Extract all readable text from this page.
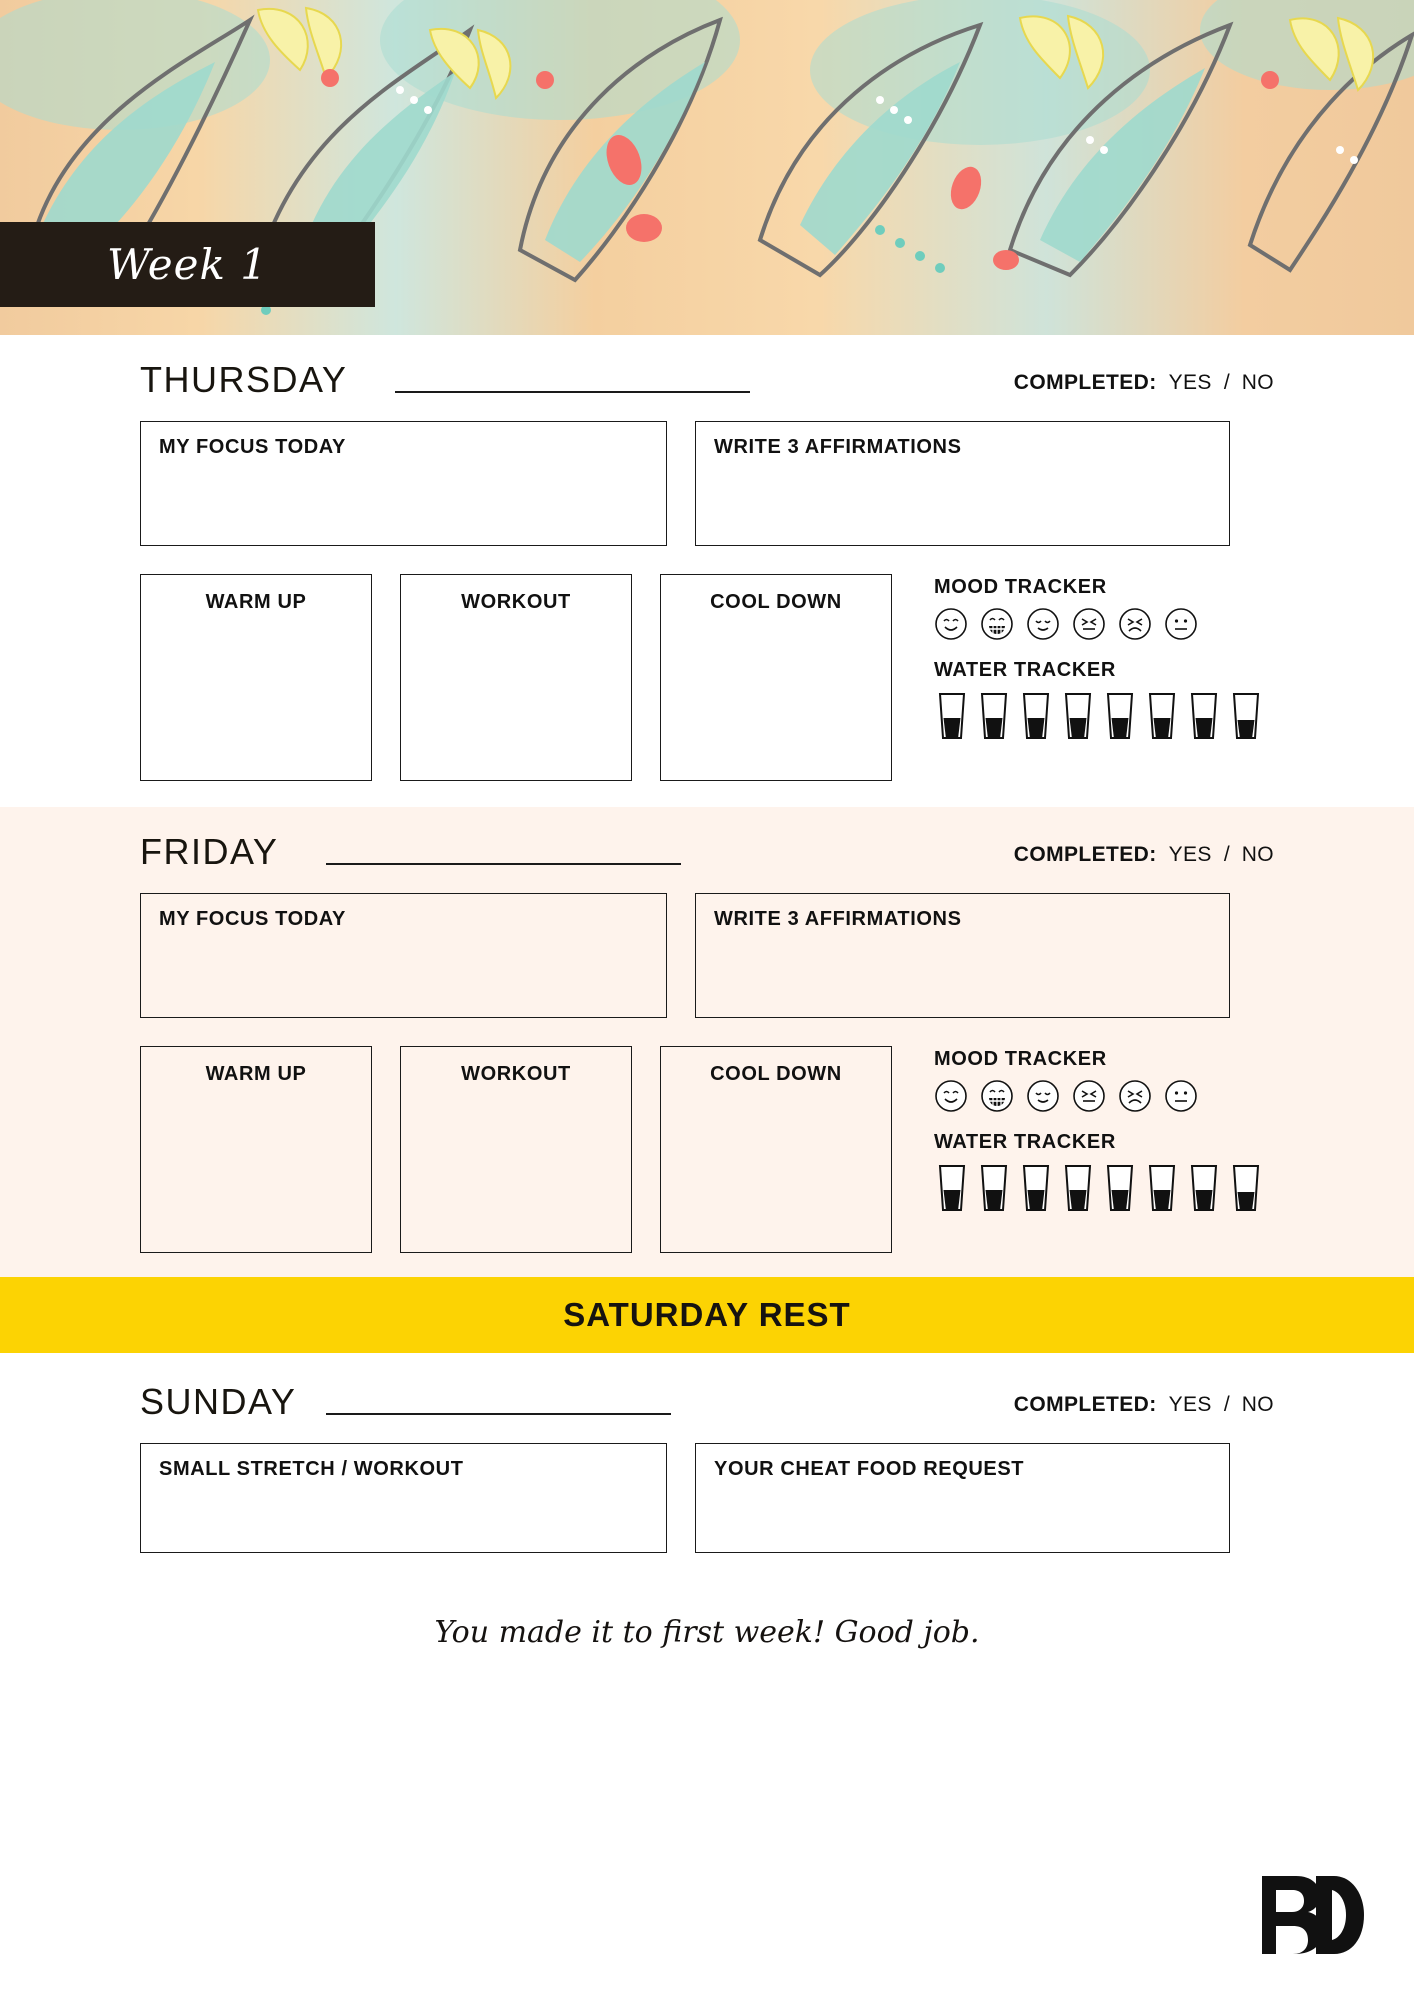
Week 1
THURSDAY	COMPLETED: YES / NO
MY FOCUS TODAY	WRITE 3 AFFIRMATIONS
WARM UP	WORKOUT	COOL DOWN
MOOD TRACKER
WATER TRACKER
FRIDAY	COMPLETED: YES / NO
MY FOCUS TODAY	WRITE 3 AFFIRMATIONS
WARM UP	WORKOUT	COOL DOWN
MOOD TRACKER
WATER TRACKER
SATURDAY REST
SUNDAY	COMPLETED: YES / NO
SMALL STRETCH / WORKOUT	YOUR CHEAT FOOD REQUEST
You made it to first week! Good job.
